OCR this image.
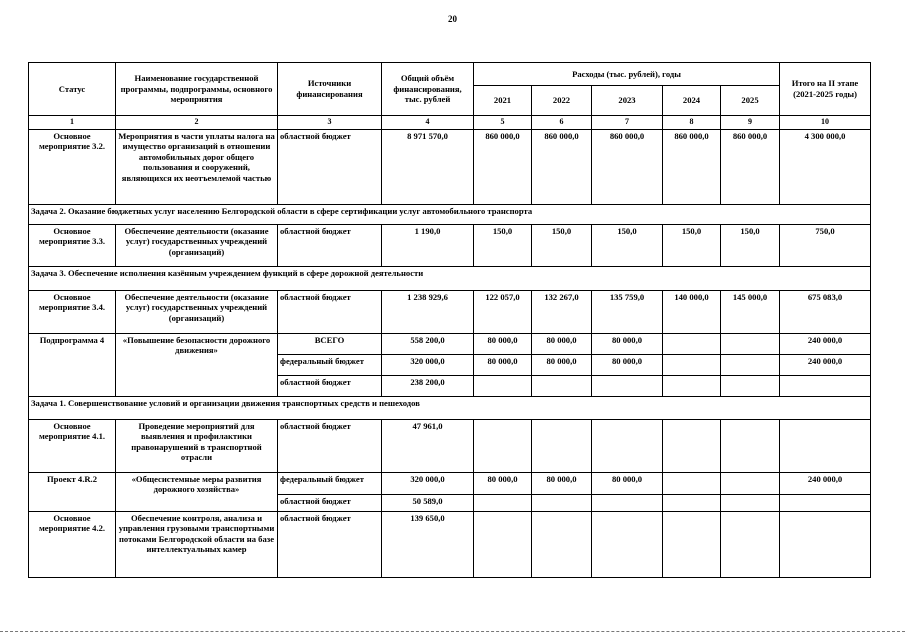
20
Статус	Наименование государственной программы, подпрограммы, основного мероприятия	Источники финансирования	Общий объём финансирования, тыс. рублей	Расходы (тыс. рублей), годы					Итого на II этапе (2021-2025 годы)
				2021	2022	2023	2024	2025	
1	2	3	4	5	6	7	8	9	10
Основное мероприятие 3.2.	Мероприятия в части уплаты налога на имущество организаций в отношении автомобильных дорог общего пользования и сооружений, являющихся их неотъемлемой частью	областной бюджет	8 971 570,0	860 000,0	860 000,0	860 000,0	860 000,0	860 000,0	4 300 000,0
Задача 2. Оказание бюджетных услуг населению Белгородской области в сфере сертификации услуг автомобильного транспорта									
Основное мероприятие 3.3.	Обеспечение деятельности (оказание услуг) государственных учреждений (организаций)	областной бюджет	1 190,0	150,0	150,0	150,0	150,0	150,0	750,0
Задача 3. Обеспечение исполнения казённым учреждением функций в сфере дорожной деятельности									
Основное мероприятие 3.4.	Обеспечение деятельности (оказание услуг) государственных учреждений (организаций)	областной бюджет	1 238 929,6	122 057,0	132 267,0	135 759,0	140 000,0	145 000,0	675 083,0
Подпрограмма 4	«Повышение безопасности дорожного движения»	ВСЕГО	558 200,0	80 000,0	80 000,0	80 000,0			240 000,0
		федеральный бюджет	320 000,0	80 000,0	80 000,0	80 000,0			240 000,0
		областной бюджет	238 200,0						
Задача 1. Совершенствование условий и организации движения транспортных средств и пешеходов									
Основное мероприятие 4.1.	Проведение мероприятий для выявления и профилактики правонарушений в транспортной отрасли	областной бюджет	47 961,0						
Проект 4.R.2	«Общесистемные меры развития дорожного хозяйства»	федеральный бюджет	320 000,0	80 000,0	80 000,0	80 000,0			240 000,0
		областной бюджет	50 589,0						
Основное мероприятие 4.2.	Обеспечение контроля, анализа и управления грузовыми транспортными потоками Белгородской области на базе интеллектуальных камер	областной бюджет	139 650,0						
